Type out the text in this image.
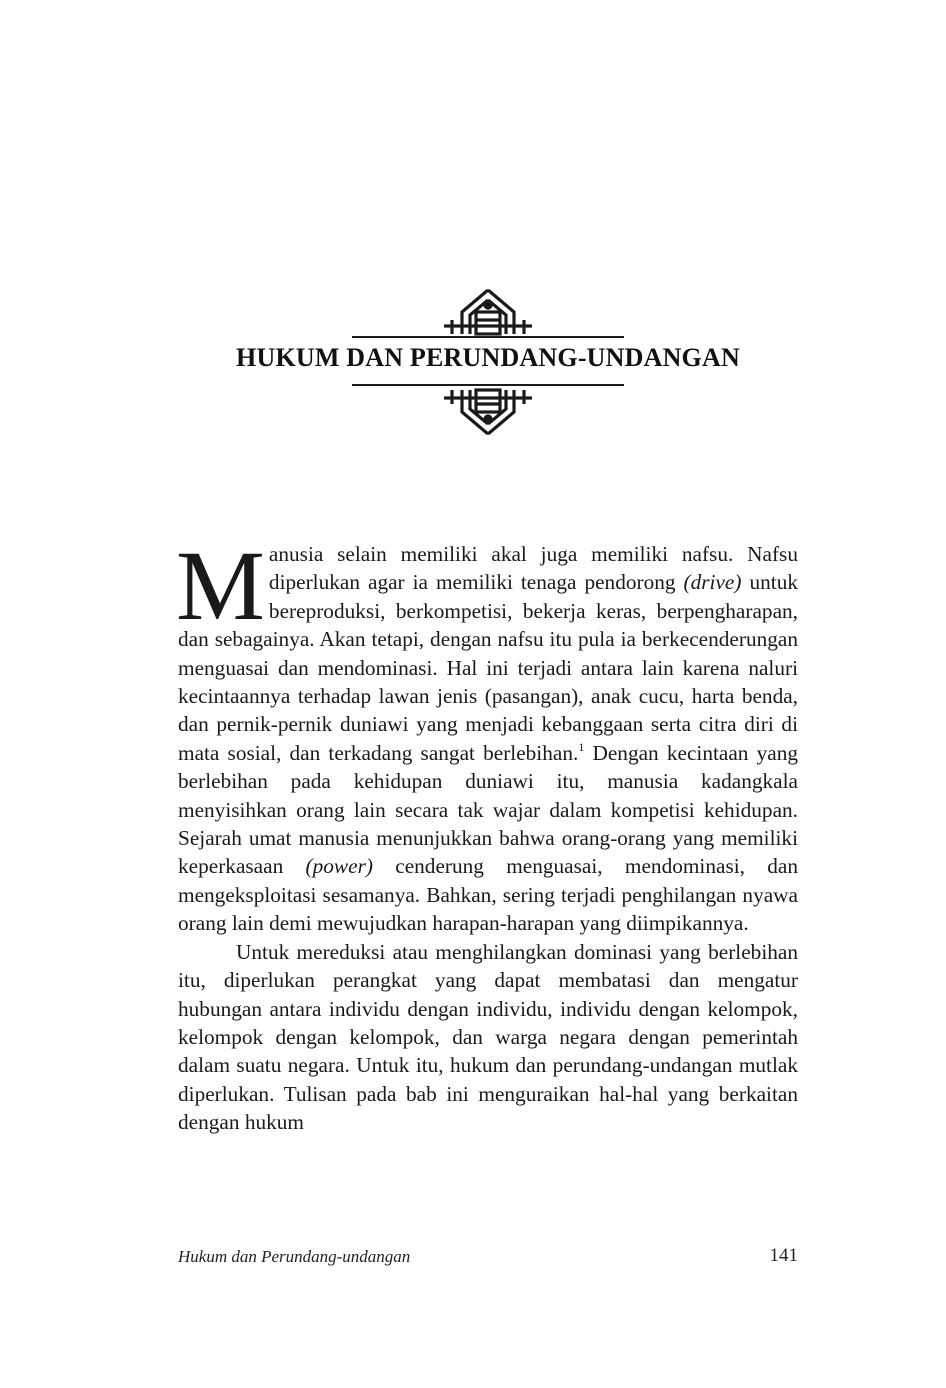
HUKUM DAN PERUNDANG-UNDANGAN

Manusia selain memiliki akal juga memiliki nafsu. Nafsu diperlukan agar ia memiliki tenaga pendorong (drive) untuk bereproduksi, berkompetisi, bekerja keras, berpengharapan, dan sebagainya. Akan tetapi, dengan nafsu itu pula ia berkecenderungan menguasai dan mendominasi. Hal ini terjadi antara lain karena naluri kecintaannya terhadap lawan jenis (pasangan), anak cucu, harta benda, dan pernik-pernik duniawi yang menjadi kebanggaan serta citra diri di mata sosial, dan terkadang sangat berlebihan.$^1$ Dengan kecintaan yang berlebihan pada kehidupan duniawi itu, manusia kadangkala menyisihkan orang lain secara tak wajar dalam kompetisi kehidupan. Sejarah umat manusia menunjukkan bahwa orang-orang yang memiliki keperkasaan (power) cenderung menguasai, mendominasi, dan mengeksploitasi sesamanya. Bahkan, sering terjadi penghilangan nyawa orang lain demi mewujudkan harapan-harapan yang diimpikannya.

Untuk mereduksi atau menghilangkan dominasi yang berlebihan itu, diperlukan perangkat yang dapat membatasi dan mengatur hubungan antara individu dengan individu, individu dengan kelompok, kelompok dengan kelompok, dan warga negara dengan pemerintah dalam suatu negara. Untuk itu, hukum dan perundang-undangan mutlak diperlukan. Tulisan pada bab ini menguraikan hal-hal yang berkaitan dengan hukum

Hukum dan Perundang-undangan	141
